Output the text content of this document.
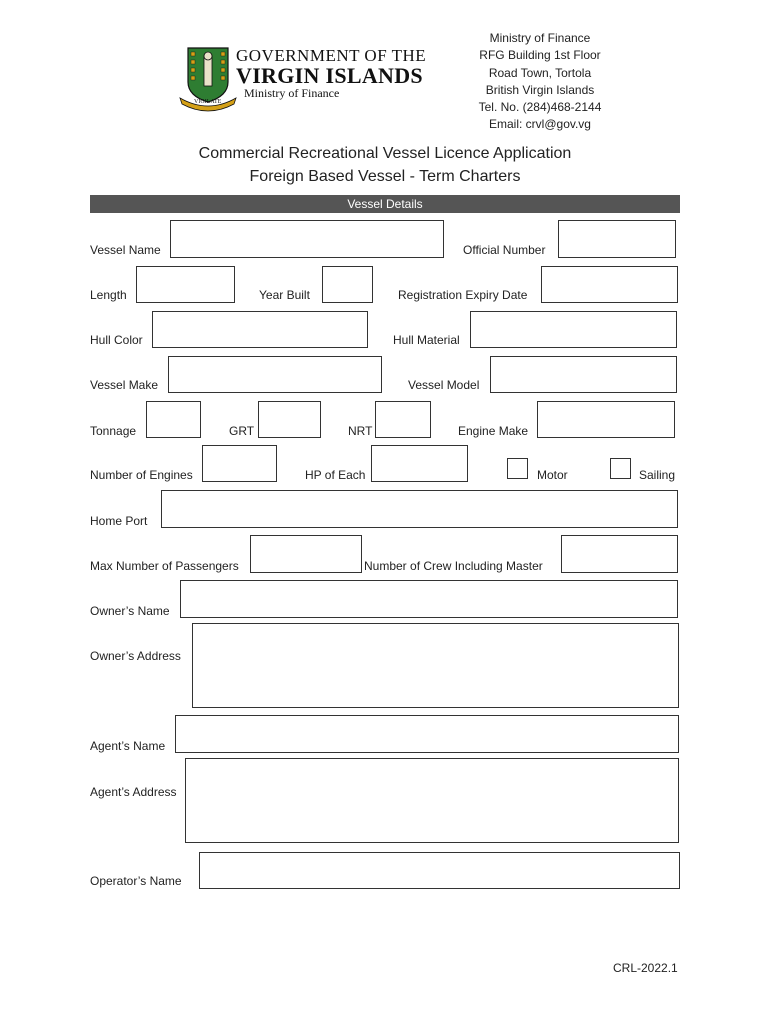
VIGILATE
GOVERNMENT OF THE
VIRGIN ISLANDS
Ministry of Finance
Ministry of Finance
RFG Building 1st Floor
Road Town, Tortola
British Virgin Islands
Tel. No. (284)468-2144
Email: crvl@gov.vg
Commercial Recreational Vessel Licence Application
Foreign Based Vessel - Term Charters
Vessel Details
Vessel Name	Official Number
Length	Year Built	Registration Expiry Date
Hull Color	Hull Material
Vessel Make	Vessel Model
Tonnage	GRT	NRT	Engine Make
Number of Engines	HP of Each	Motor	Sailing
Home Port
Max Number of Passengers	Number of Crew Including Master
Owner’s Name
Owner’s Address
Agent’s Name
Agent’s Address
Operator’s Name
CRL-2022.1
